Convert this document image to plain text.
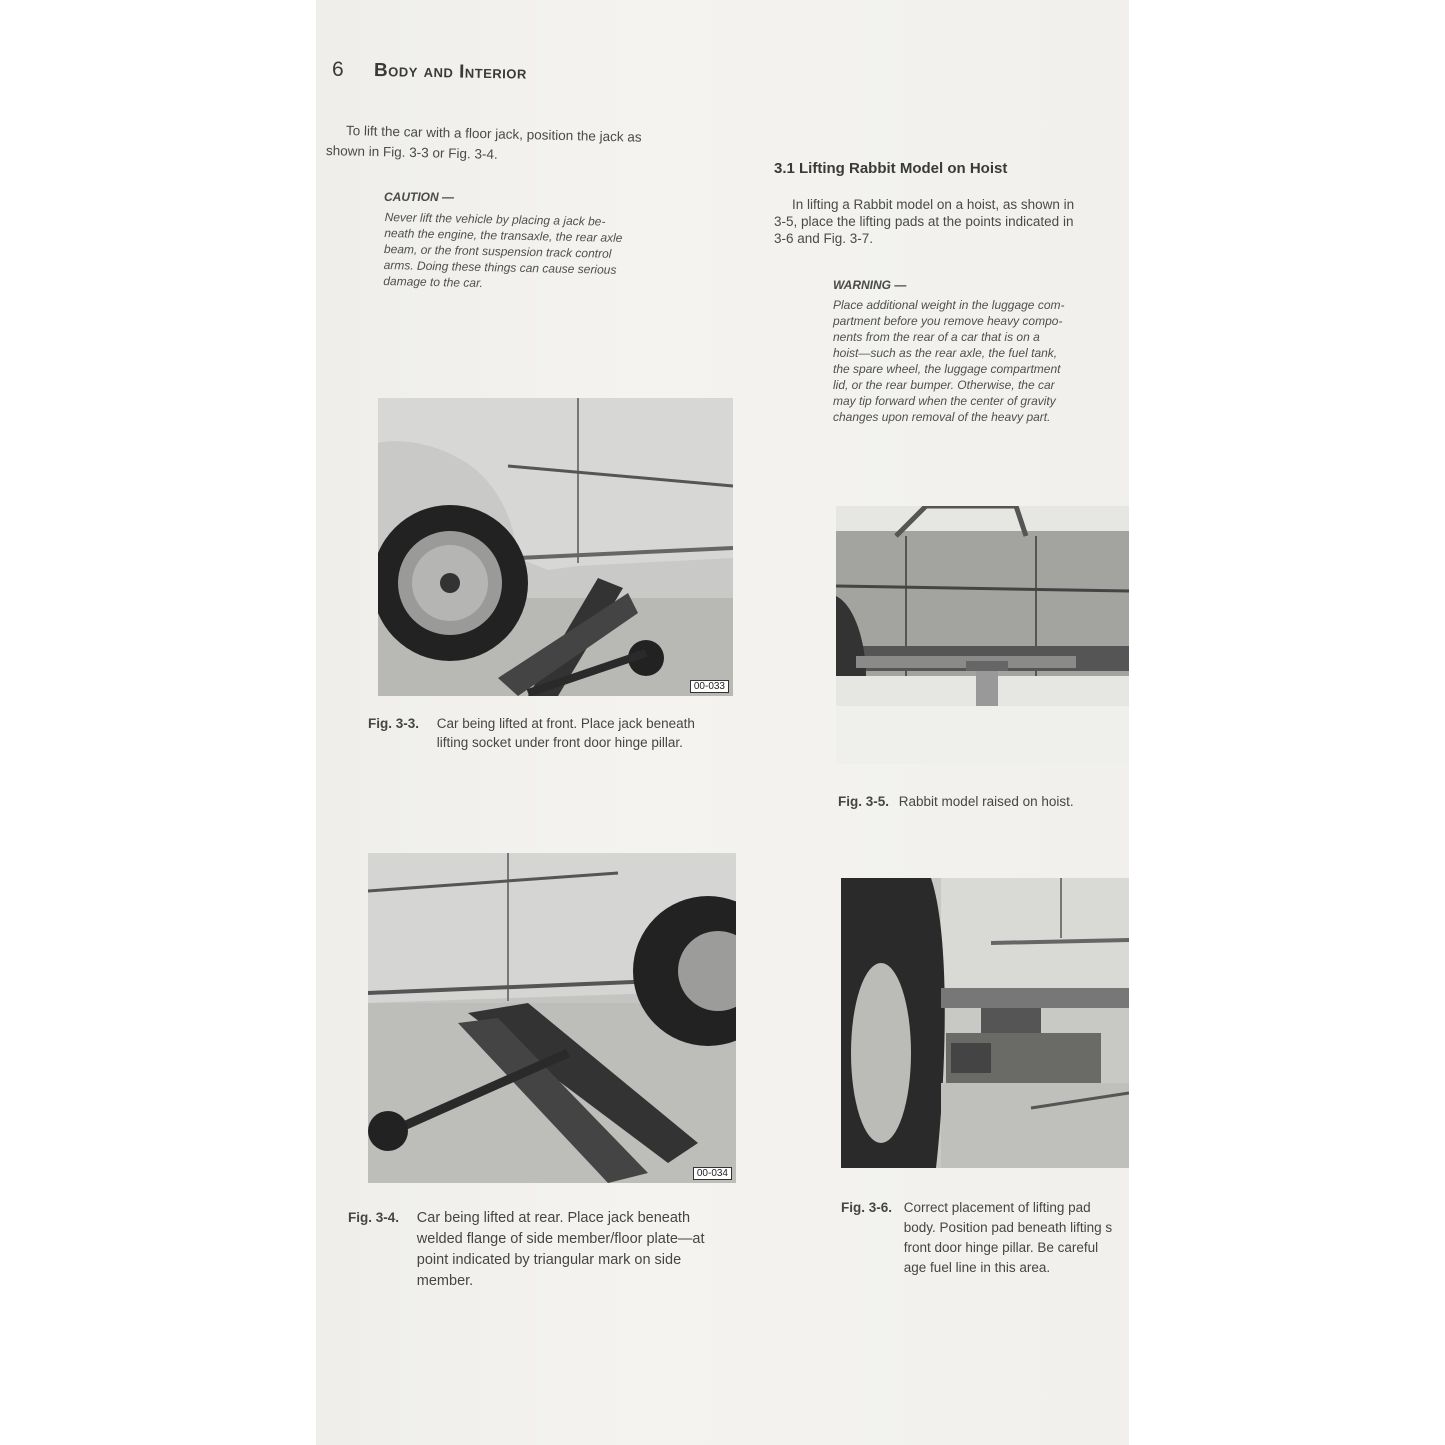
6 Body and Interior
To lift the car with a floor jack, position the jack as
shown in Fig. 3-3 or Fig. 3-4.
CAUTION —
Never lift the vehicle by placing a jack be-
neath the engine, the transaxle, the rear axle
beam, or the front suspension track control
arms. Doing these things can cause serious
damage to the car.
3.1 Lifting Rabbit Model on Hoist
In lifting a Rabbit model on a hoist, as shown in
3-5, place the lifting pads at the points indicated in
3-6 and Fig. 3-7.
WARNING —
Place additional weight in the luggage com-
partment before you remove heavy compo-
nents from the rear of a car that is on a
hoist—such as the rear axle, the fuel tank,
the spare wheel, the luggage compartment
lid, or the rear bumper. Otherwise, the car
may tip forward when the center of gravity
changes upon removal of the heavy part.
00-033
Fig. 3-3. Car being lifted at front. Place jack beneath
lifting socket under front door hinge pillar.
00-034
Fig. 3-4. Car being lifted at rear. Place jack beneath
welded flange of side member/floor plate—at
point indicated by triangular mark on side
member.
Fig. 3-5. Rabbit model raised on hoist.
Fig. 3-6. Correct placement of lifting pad
body. Position pad beneath lifting s
front door hinge pillar. Be careful
age fuel line in this area.
